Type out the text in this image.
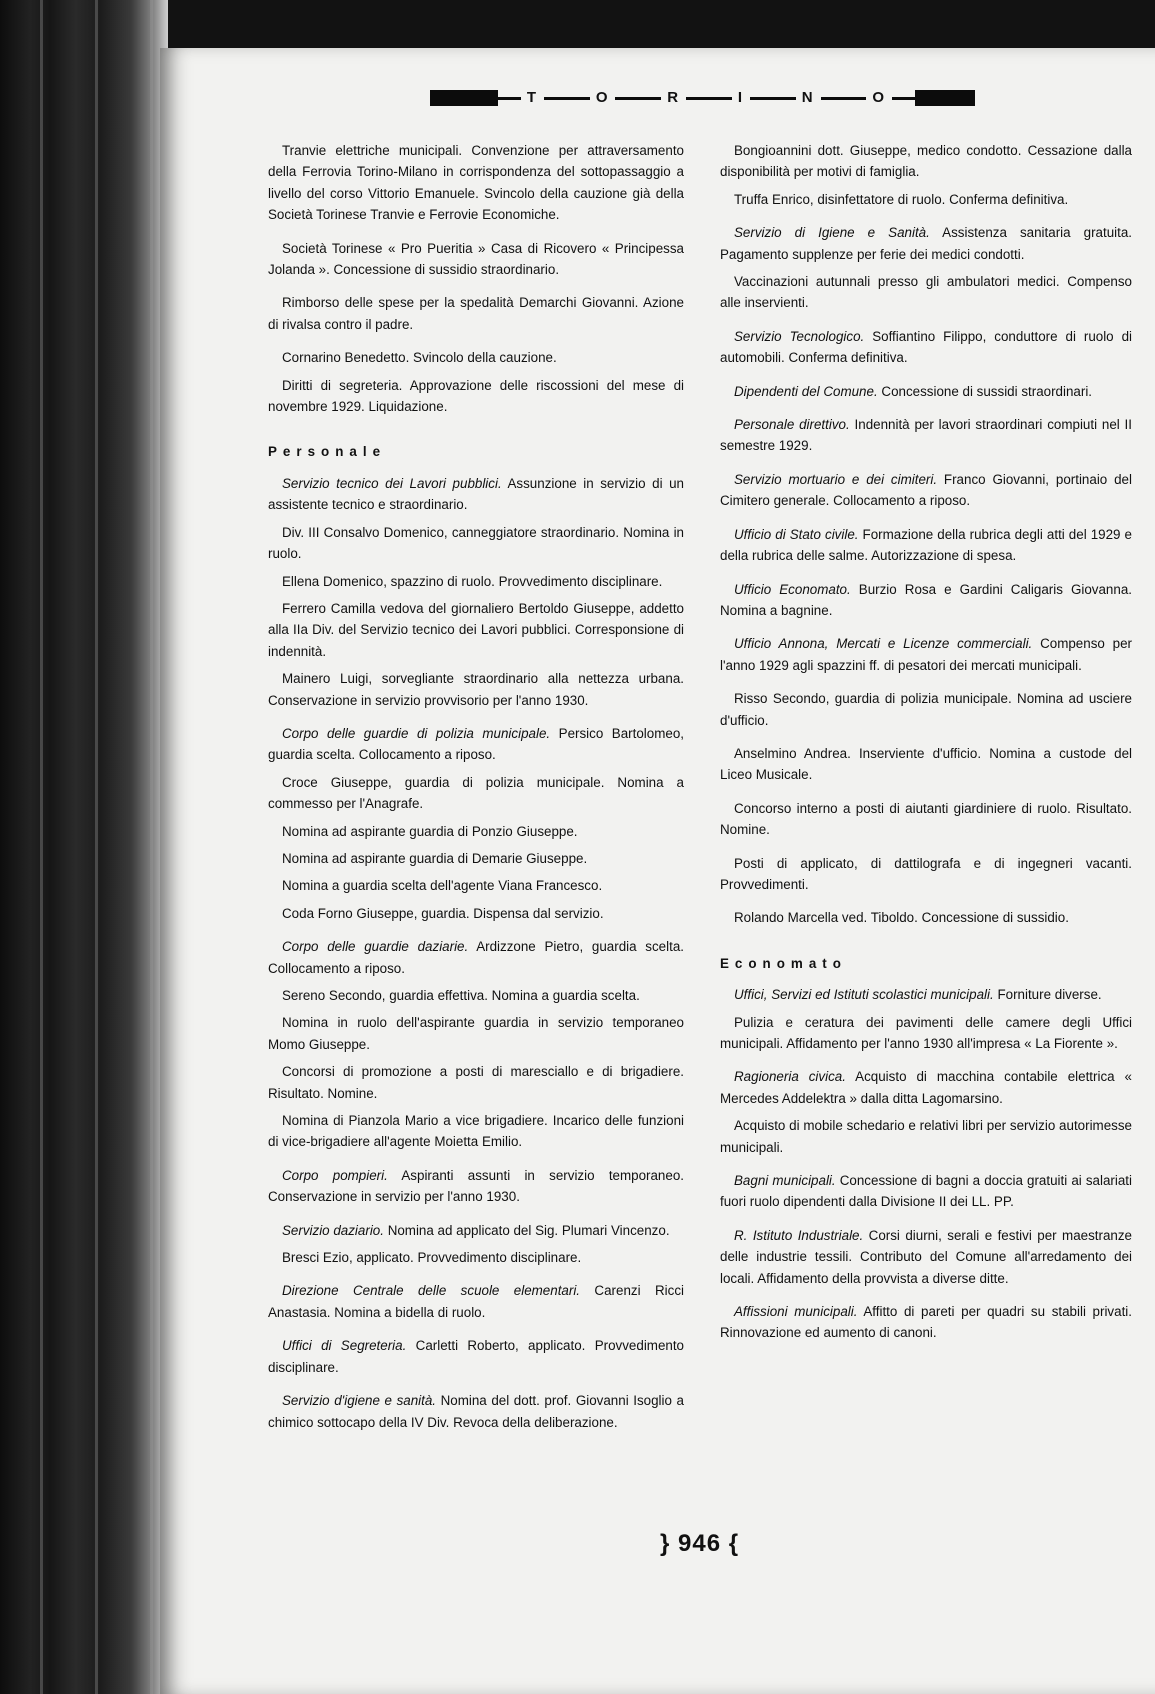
T	O	R	I	N	O

Tranvie elettriche municipali. Convenzione per attraversamento della Ferrovia Torino-Milano in corrispondenza del sottopassaggio a livello del corso Vittorio Emanuele. Svincolo della cauzione già della Società Torinese Tranvie e Ferrovie Economiche.

Società Torinese « Pro Pueritia » Casa di Ricovero « Principessa Jolanda ». Concessione di sussidio straordinario.

Rimborso delle spese per la spedalità Demarchi Giovanni. Azione di rivalsa contro il padre.

Cornarino Benedetto. Svincolo della cauzione.

Diritti di segreteria. Approvazione delle riscossioni del mese di novembre 1929. Liquidazione.

Personale

Servizio tecnico dei Lavori pubblici. Assunzione in servizio di un assistente tecnico e straordinario.

Div. III Consalvo Domenico, canneggiatore straordinario. Nomina in ruolo.

Ellena Domenico, spazzino di ruolo. Provvedimento disciplinare.

Ferrero Camilla vedova del giornaliero Bertoldo Giuseppe, addetto alla IIa Div. del Servizio tecnico dei Lavori pubblici. Corresponsione di indennità.

Mainero Luigi, sorvegliante straordinario alla nettezza urbana. Conservazione in servizio provvisorio per l'anno 1930.

Corpo delle guardie di polizia municipale. Persico Bartolomeo, guardia scelta. Collocamento a riposo.

Croce Giuseppe, guardia di polizia municipale. Nomina a commesso per l'Anagrafe.

Nomina ad aspirante guardia di Ponzio Giuseppe.

Nomina ad aspirante guardia di Demarie Giuseppe.

Nomina a guardia scelta dell'agente Viana Francesco.

Coda Forno Giuseppe, guardia. Dispensa dal servizio.

Corpo delle guardie daziarie. Ardizzone Pietro, guardia scelta. Collocamento a riposo.

Sereno Secondo, guardia effettiva. Nomina a guardia scelta.

Nomina in ruolo dell'aspirante guardia in servizio temporaneo Momo Giuseppe.

Concorsi di promozione a posti di maresciallo e di brigadiere. Risultato. Nomine.

Nomina di Pianzola Mario a vice brigadiere. Incarico delle funzioni di vice-brigadiere all'agente Moietta Emilio.

Corpo pompieri. Aspiranti assunti in servizio temporaneo. Conservazione in servizio per l'anno 1930.

Servizio daziario. Nomina ad applicato del Sig. Plumari Vincenzo.

Bresci Ezio, applicato. Provvedimento disciplinare.

Direzione Centrale delle scuole elementari. Carenzi Ricci Anastasia. Nomina a bidella di ruolo.

Uffici di Segreteria. Carletti Roberto, applicato. Provvedimento disciplinare.

Servizio d'igiene e sanità. Nomina del dott. prof. Giovanni Isoglio a chimico sottocapo della IV Div. Revoca della deliberazione.

Bongioannini dott. Giuseppe, medico condotto. Cessazione dalla disponibilità per motivi di famiglia.

Truffa Enrico, disinfettatore di ruolo. Conferma definitiva.

Servizio di Igiene e Sanità. Assistenza sanitaria gratuita. Pagamento supplenze per ferie dei medici condotti.

Vaccinazioni autunnali presso gli ambulatori medici. Compenso alle inservienti.

Servizio Tecnologico. Soffiantino Filippo, conduttore di ruolo di automobili. Conferma definitiva.

Dipendenti del Comune. Concessione di sussidi straordinari.

Personale direttivo. Indennità per lavori straordinari compiuti nel II semestre 1929.

Servizio mortuario e dei cimiteri. Franco Giovanni, portinaio del Cimitero generale. Collocamento a riposo.

Ufficio di Stato civile. Formazione della rubrica degli atti del 1929 e della rubrica delle salme. Autorizzazione di spesa.

Ufficio Economato. Burzio Rosa e Gardini Caligaris Giovanna. Nomina a bagnine.

Ufficio Annona, Mercati e Licenze commerciali. Compenso per l'anno 1929 agli spazzini ff. di pesatori dei mercati municipali.

Risso Secondo, guardia di polizia municipale. Nomina ad usciere d'ufficio.

Anselmino Andrea. Inserviente d'ufficio. Nomina a custode del Liceo Musicale.

Concorso interno a posti di aiutanti giardiniere di ruolo. Risultato. Nomine.

Posti di applicato, di dattilografa e di ingegneri vacanti. Provvedimenti.

Rolando Marcella ved. Tiboldo. Concessione di sussidio.

Economato

Uffici, Servizi ed Istituti scolastici municipali. Forniture diverse.

Pulizia e ceratura dei pavimenti delle camere degli Uffici municipali. Affidamento per l'anno 1930 all'impresa « La Fiorente ».

Ragioneria civica. Acquisto di macchina contabile elettrica « Mercedes Addelektra » dalla ditta Lagomarsino.

Acquisto di mobile schedario e relativi libri per servizio autorimesse municipali.

Bagni municipali. Concessione di bagni a doccia gratuiti ai salariati fuori ruolo dipendenti dalla Divisione II dei LL. PP.

R. Istituto Industriale. Corsi diurni, serali e festivi per maestranze delle industrie tessili. Contributo del Comune all'arredamento dei locali. Affidamento della provvista a diverse ditte.

Affissioni municipali. Affitto di pareti per quadri su stabili privati. Rinnovazione ed aumento di canoni.

} 946 {
